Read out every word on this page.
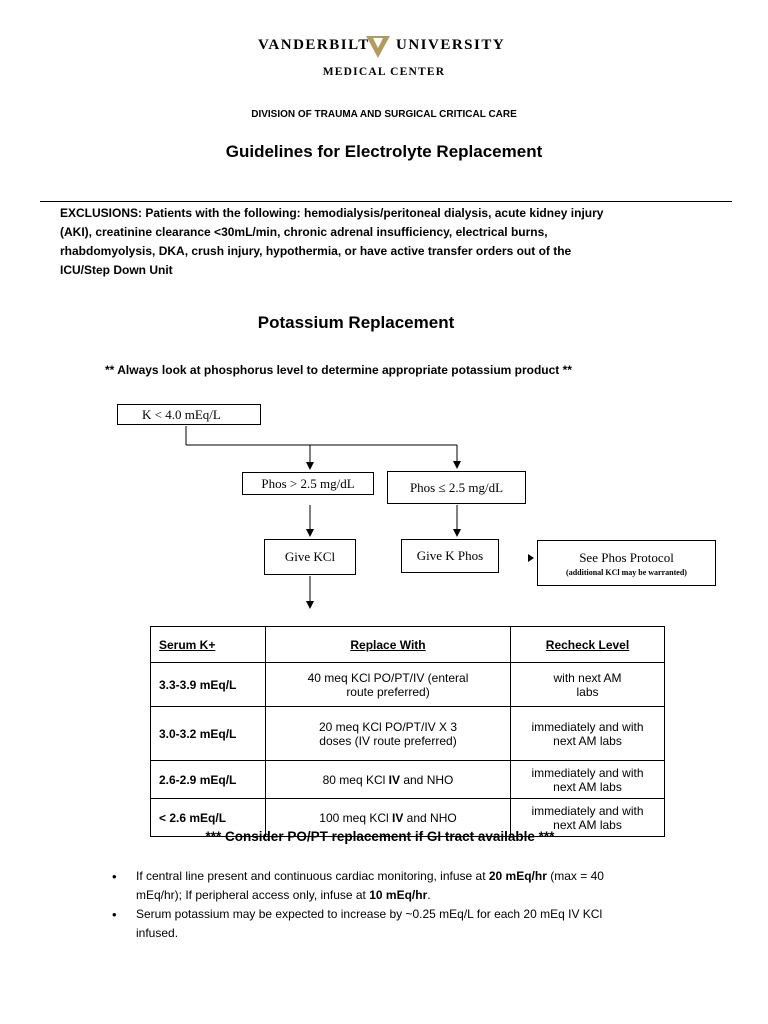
VANDERBILT UNIVERSITY
MEDICAL CENTER
DIVISION OF TRAUMA AND SURGICAL CRITICAL CARE
Guidelines for Electrolyte Replacement
EXCLUSIONS: Patients with the following: hemodialysis/peritoneal dialysis, acute kidney injury (AKI), creatinine clearance <30mL/min, chronic adrenal insufficiency, electrical burns, rhabdomyolysis, DKA, crush injury, hypothermia, or have active transfer orders out of the ICU/Step Down Unit
Potassium Replacement
** Always look at phosphorus level to determine appropriate potassium product **
K < 4.0 mEq/L
Phos > 2.5 mg/dL	Phos ≤ 2.5 mg/dL
Give KCl	Give K Phos	See Phos Protocol
(additional KCl may be warranted)
Serum K+	Replace With	Recheck Level
3.3-3.9 mEq/L	40 meq KCl PO/PT/IV (enteral route preferred)	with next AM labs
3.0-3.2 mEq/L	20 meq KCl PO/PT/IV X 3 doses (IV route preferred)	immediately and with next AM labs
2.6-2.9 mEq/L	80 meq KCl IV and NHO	immediately and with next AM labs
< 2.6 mEq/L	100 meq KCl IV and NHO	immediately and with next AM labs
*** Consider PO/PT replacement if GI tract available ***
•	If central line present and continuous cardiac monitoring, infuse at 20 mEq/hr (max = 40 mEq/hr); If peripheral access only, infuse at 10 mEq/hr.
•	Serum potassium may be expected to increase by ~0.25 mEq/L for each 20 mEq IV KCl infused.
